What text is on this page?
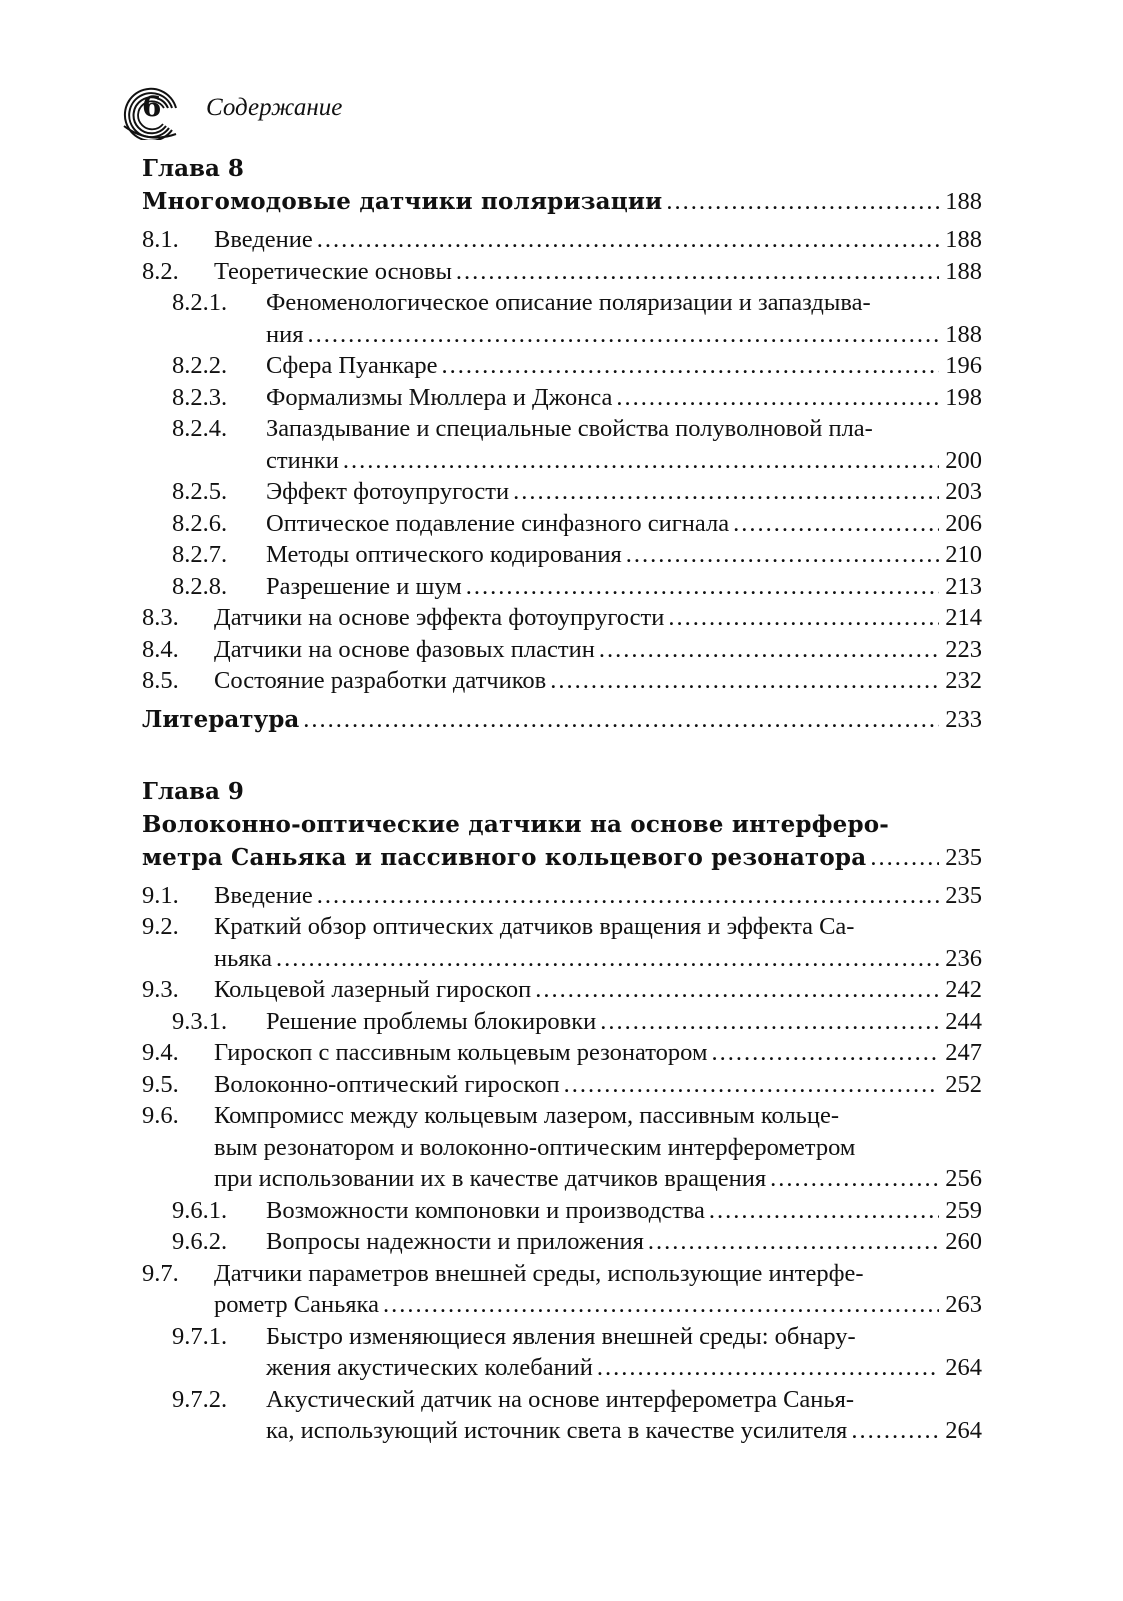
6 Содержание
Глава 8
Многомодовые датчики поляризации .....	188
8.1. Введение .....	188
8.2. Теоретические основы .....	188
8.2.1. Феноменологическое описание поляризации и запаздыва-
ния .....	188
8.2.2. Сфера Пуанкаре .....	196
8.2.3. Формализмы Мюллера и Джонса .....	198
8.2.4. Запаздывание и специальные свойства полуволновой пла-
стинки .....	200
8.2.5. Эффект фотоупругости .....	203
8.2.6. Оптическое подавление синфазного сигнала .....	206
8.2.7. Методы оптического кодирования .....	210
8.2.8. Разрешение и шум .....	213
8.3. Датчики на основе эффекта фотоупругости .....	214
8.4. Датчики на основе фазовых пластин .....	223
8.5. Состояние разработки датчиков .....	232
Литература .....	233
Глава 9
Волоконно-оптические датчики на основе интерферо-
метра Саньяка и пассивного кольцевого резонатора .....	235
9.1. Введение .....	235
9.2. Краткий обзор оптических датчиков вращения и эффекта Са-
ньяка .....	236
9.3. Кольцевой лазерный гироскоп .....	242
9.3.1. Решение проблемы блокировки .....	244
9.4. Гироскоп с пассивным кольцевым резонатором .....	247
9.5. Волоконно-оптический гироскоп .....	252
9.6. Компромисс между кольцевым лазером, пассивным кольце-
вым резонатором и волоконно-оптическим интерферометром
при использовании их в качестве датчиков вращения .....	256
9.6.1. Возможности компоновки и производства .....	259
9.6.2. Вопросы надежности и приложения .....	260
9.7. Датчики параметров внешней среды, использующие интерфе-
рометр Саньяка .....	263
9.7.1. Быстро изменяющиеся явления внешней среды: обнару-
жения акустических колебаний .....	264
9.7.2. Акустический датчик на основе интерферометра Санья-
ка, использующий источник света в качестве усилителя .....	264
